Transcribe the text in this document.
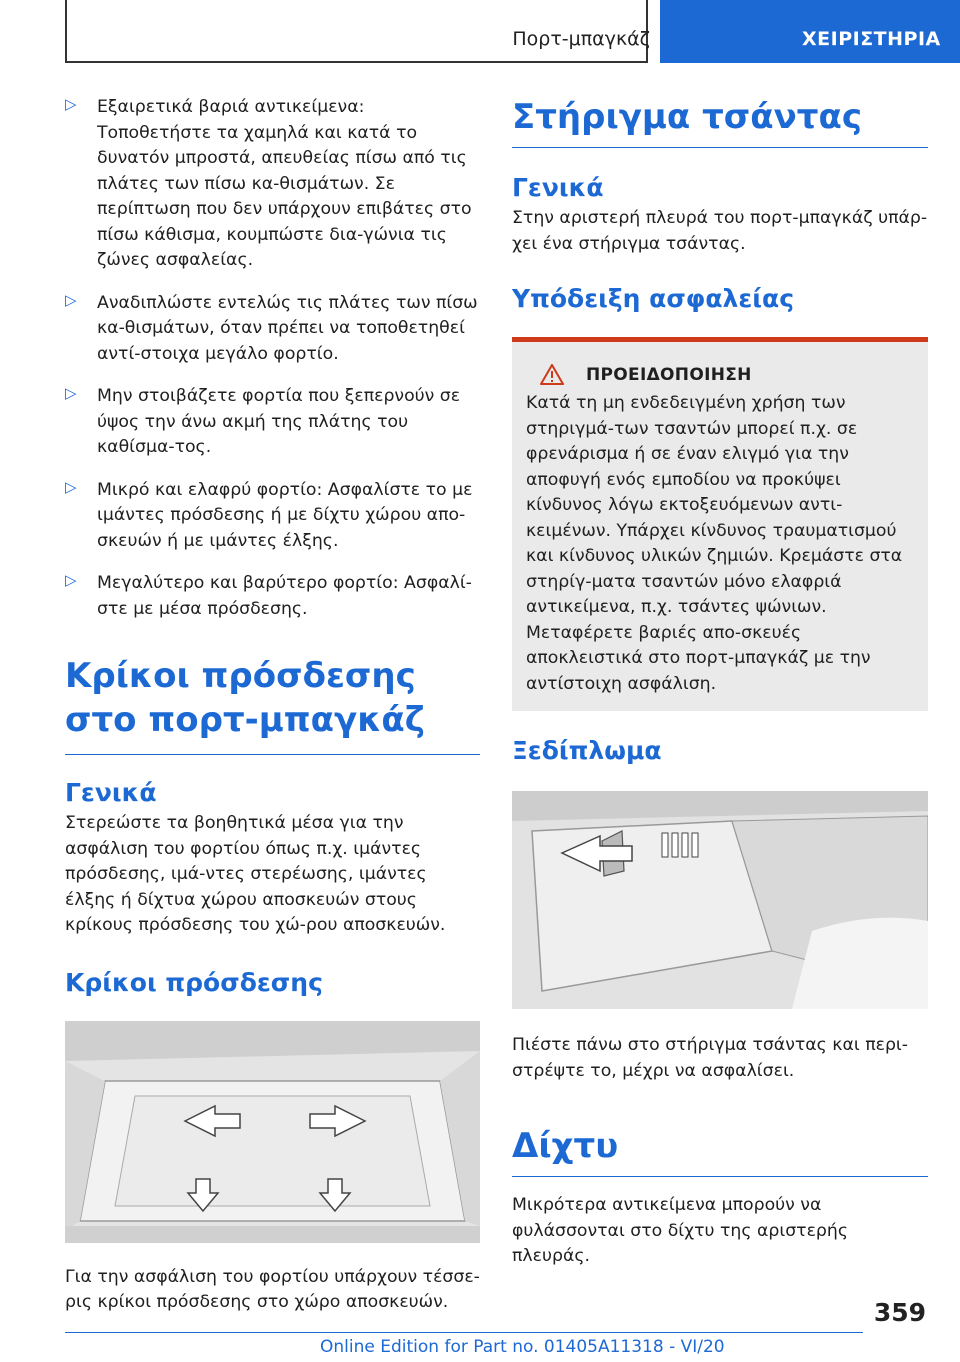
Πορτ-μπαγκάζ	ΧΕΙΡΙΣΤΗΡΙΑ
▷ Εξαιρετικά βαριά αντικείμενα: Τοποθετήστε τα χαμηλά και κατά το δυνατόν μπροστά, απευθείας πίσω από τις πλάτες των πίσω κα‐θισμάτων. Σε περίπτωση που δεν υπάρχουν επιβάτες στο πίσω κάθισμα, κουμπώστε δια‐γώνια τις ζώνες ασφαλείας.

▷ Αναδιπλώστε εντελώς τις πλάτες των πίσω κα‐θισμάτων, όταν πρέπει να τοποθετηθεί αντί‐στοιχα μεγάλο φορτίο.

▷ Μην στοιβάζετε φορτία που ξεπερνούν σε ύψος την άνω ακμή της πλάτης του καθίσμα‐τος.

▷ Μικρό και ελαφρύ φορτίο: Ασφαλίστε το με ιμάντες πρόσδεσης ή με δίχτυ χώρου απο‐σκευών ή με ιμάντες έλξης.

▷ Μεγαλύτερο και βαρύτερο φορτίο: Ασφαλί‐στε με μέσα πρόσδεσης.

Κρίκοι πρόσδεσης στο πορτ-μπαγκάζ
Γενικά

Στερεώστε τα βοηθητικά μέσα για την ασφάλιση του φορτίου όπως π.χ. ιμάντες πρόσδεσης, ιμά‐ντες στερέωσης, ιμάντες έλξης ή δίχτυα χώρου αποσκευών στους κρίκους πρόσδεσης του χώ‐ρου αποσκευών.

Κρίκοι πρόσδεσης

Για την ασφάλιση του φορτίου υπάρχουν τέσσε‐ρις κρίκοι πρόσδεσης στο χώρο αποσκευών.

Στήριγμα τσάντας
Γενικά

Στην αριστερή πλευρά του πορτ-μπαγκάζ υπάρ‐χει ένα στήριγμα τσάντας.

Υπόδειξη ασφαλείας
ΠΡΟΕΙΔΟΠΟΙΗΣΗ

Κατά τη μη ενδεδειγμένη χρήση των στηριγμά‐των τσαντών μπορεί π.χ. σε φρενάρισμα ή σε έναν ελιγμό για την αποφυγή ενός εμποδίου να προκύψει κίνδυνος λόγω εκτοξευόμενων αντι‐κειμένων. Υπάρχει κίνδυνος τραυματισμού και κίνδυνος υλικών ζημιών. Κρεμάστε στα στηρίγ‐ματα τσαντών μόνο ελαφριά αντικείμενα, π.χ. τσάντες ψώνιων. Μεταφέρετε βαριές απο‐σκευές αποκλειστικά στο πορτ-μπαγκάζ με την αντίστοιχη ασφάλιση.

Ξεδίπλωμα

Πιέστε πάνω στο στήριγμα τσάντας και περι‐στρέψτε το, μέχρι να ασφαλίσει.

Δίχτυ

Μικρότερα αντικείμενα μπορούν να φυλάσσονται στο δίχτυ της αριστερής πλευράς.

359
Online Edition for Part no. 01405A11318 - VI/20
